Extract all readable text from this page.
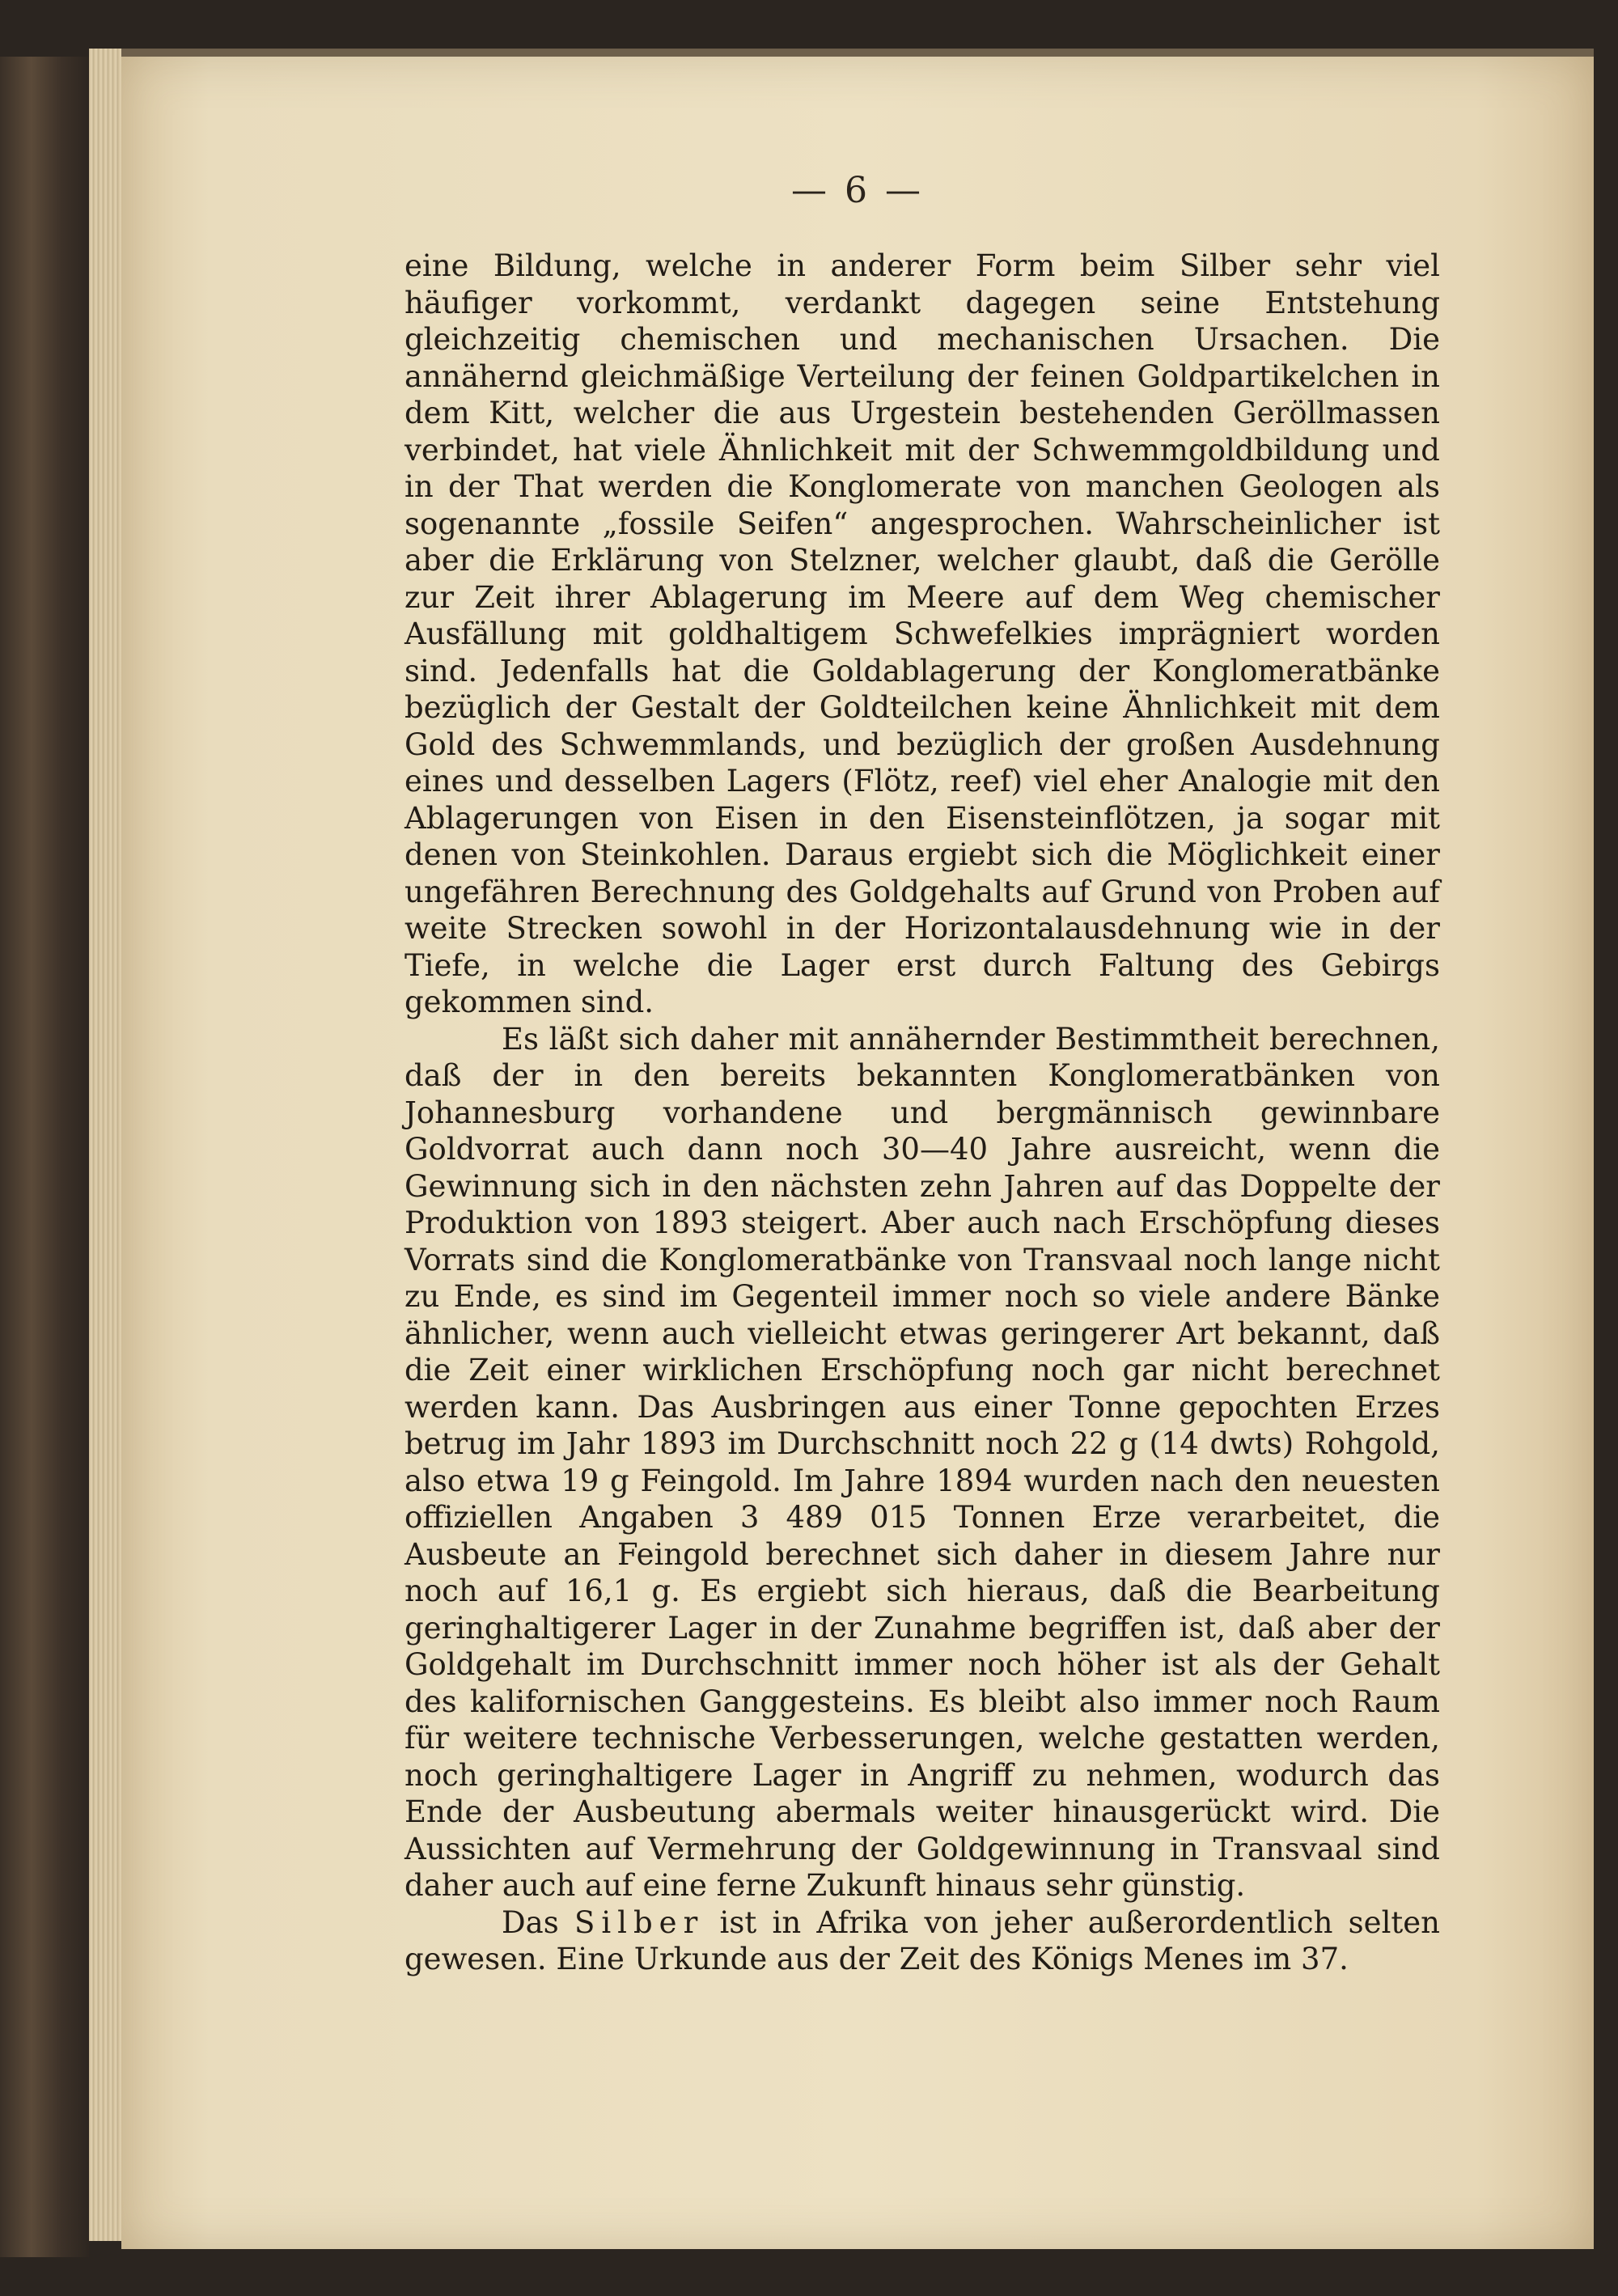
— 6 —

eine Bildung, welche in anderer Form beim Silber sehr viel häufiger vorkommt, verdankt dagegen seine Entstehung gleichzeitig chemischen und mechanischen Ursachen. Die annähernd gleichmäßige Verteilung der feinen Goldpartikelchen in dem Kitt, welcher die aus Urgestein bestehenden Geröllmassen verbindet, hat viele Ähnlichkeit mit der Schwemmgoldbildung und in der That werden die Konglomerate von manchen Geologen als sogenannte „fossile Seifen“ angesprochen. Wahrscheinlicher ist aber die Erklärung von Stelzner, welcher glaubt, daß die Gerölle zur Zeit ihrer Ablagerung im Meere auf dem Weg chemischer Ausfällung mit goldhaltigem Schwefelkies imprägniert worden sind. Jedenfalls hat die Goldablagerung der Konglomeratbänke bezüglich der Gestalt der Goldteilchen keine Ähnlichkeit mit dem Gold des Schwemmlands, und bezüglich der großen Ausdehnung eines und desselben Lagers (Flötz, reef) viel eher Analogie mit den Ablagerungen von Eisen in den Eisensteinflötzen, ja sogar mit denen von Steinkohlen. Daraus ergiebt sich die Möglichkeit einer ungefähren Berechnung des Goldgehalts auf Grund von Proben auf weite Strecken sowohl in der Horizontalausdehnung wie in der Tiefe, in welche die Lager erst durch Faltung des Gebirgs gekommen sind.

Es läßt sich daher mit annähernder Bestimmtheit berechnen, daß der in den bereits bekannten Konglomeratbänken von Johannesburg vorhandene und bergmännisch gewinnbare Goldvorrat auch dann noch 30—40 Jahre ausreicht, wenn die Gewinnung sich in den nächsten zehn Jahren auf das Doppelte der Produktion von 1893 steigert. Aber auch nach Erschöpfung dieses Vorrats sind die Konglomeratbänke von Transvaal noch lange nicht zu Ende, es sind im Gegenteil immer noch so viele andere Bänke ähnlicher, wenn auch vielleicht etwas geringerer Art bekannt, daß die Zeit einer wirklichen Erschöpfung noch gar nicht berechnet werden kann. Das Ausbringen aus einer Tonne gepochten Erzes betrug im Jahr 1893 im Durchschnitt noch 22 g (14 dwts) Rohgold, also etwa 19 g Feingold. Im Jahre 1894 wurden nach den neuesten offiziellen Angaben 3 489 015 Tonnen Erze verarbeitet, die Ausbeute an Feingold berechnet sich daher in diesem Jahre nur noch auf 16,1 g. Es ergiebt sich hieraus, daß die Bearbeitung geringhaltigerer Lager in der Zunahme begriffen ist, daß aber der Goldgehalt im Durchschnitt immer noch höher ist als der Gehalt des kalifornischen Ganggesteins. Es bleibt also immer noch Raum für weitere technische Verbesserungen, welche gestatten werden, noch geringhaltigere Lager in Angriff zu nehmen, wodurch das Ende der Ausbeutung abermals weiter hinausgerückt wird. Die Aussichten auf Vermehrung der Goldgewinnung in Transvaal sind daher auch auf eine ferne Zukunft hinaus sehr günstig.

Das Silber ist in Afrika von jeher außerordentlich selten gewesen. Eine Urkunde aus der Zeit des Königs Menes im 37.
